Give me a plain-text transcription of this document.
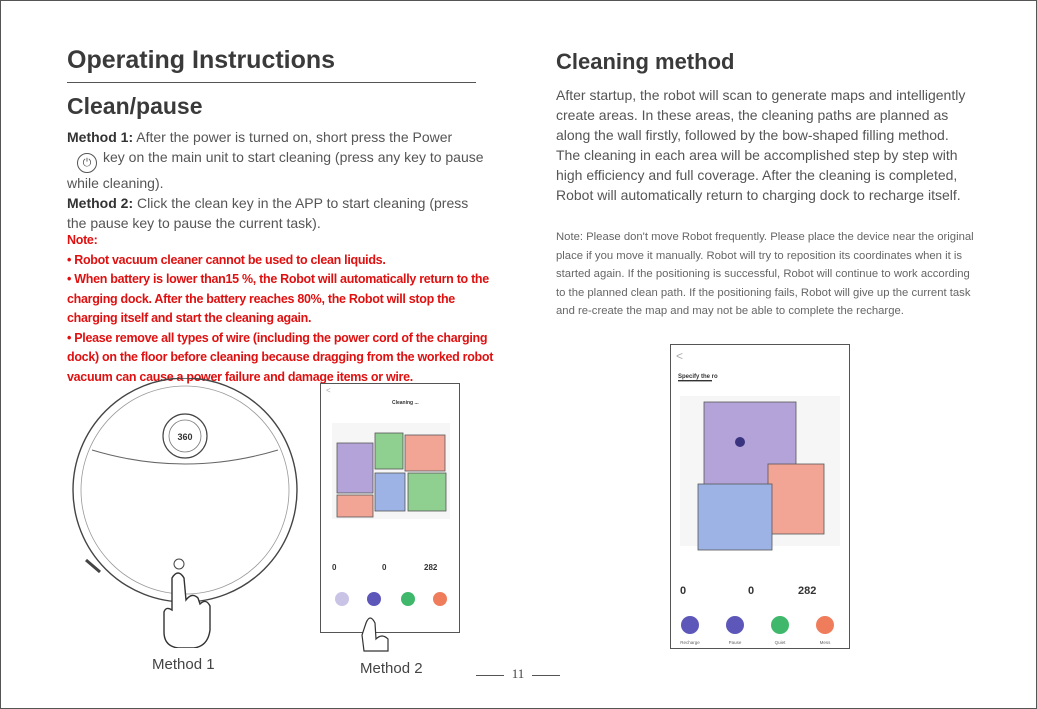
Operating Instructions
Clean/pause
Method 1: After the power is turned on, short press the Power
⏻ key on the main unit to start cleaning (press any key to pause while cleaning).
Method 2: Click the clean key in the APP to start cleaning (press the pause key to pause the current task).

Note:

• Robot vacuum cleaner cannot be used to clean liquids.

• When battery is lower than15 %, the Robot will automatically return to the charging dock. After the battery reaches 80%, the Robot will stop the charging itself and start the cleaning again.

• Please remove all types of wire (including the power cord of the charging dock) on the floor before cleaning because dragging from the worked robot vacuum can cause a power failure and damage items or wire.

360
Method 1
<
Cleaning ...
0	0	282
Method 2
Cleaning method

After startup, the robot will scan to generate maps and intelligently create areas. In these areas, the cleaning paths are planned as along the wall firstly, followed by the bow-shaped filling method. The cleaning in each area will be accomplished step by step with high efficiency and full coverage. After the cleaning is completed, Robot will automatically return to charging dock to recharge itself.

Note: Please don't move Robot frequently. Please place the device near the original place if you move it manually. Robot will try to reposition its coordinates when it is started again. If the positioning is successful, Robot will continue to work according to the planned clean path. If the positioning fails, Robot will give up the current task and re-create the map and may not be able to complete the recharge.

<
Specify the ro
0	0	282
Recharge	Pause	Quiet	Mess
11
